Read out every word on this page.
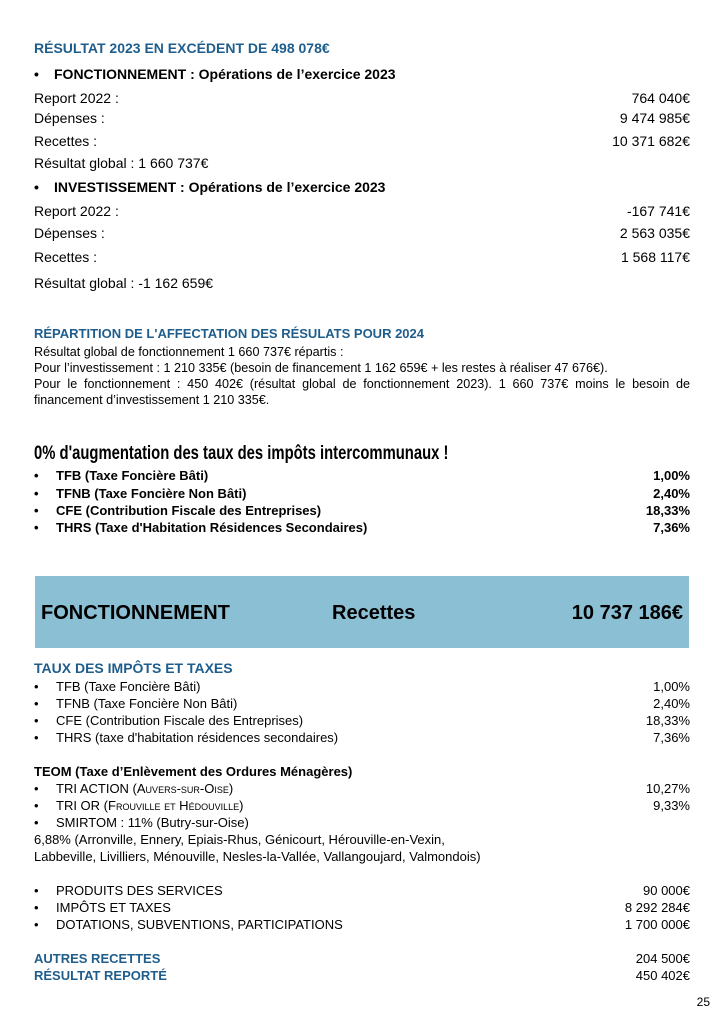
RÉSULTAT 2023 EN EXCÉDENT DE 498 078€
• FONCTIONNEMENT : Opérations de l’exercice 2023
Report 2022 :	764 040€
Dépenses :	9 474 985€
Recettes :	10 371 682€
Résultat global : 1 660 737€
• INVESTISSEMENT : Opérations de l’exercice 2023
Report 2022 :	-167 741€
Dépenses :	2 563 035€
Recettes :	1 568 117€
Résultat global : -1 162 659€
RÉPARTITION DE L'AFFECTATION DES RÉSULATS POUR 2024
Résultat global de fonctionnement 1 660 737€ répartis :
Pour l’investissement : 1 210 335€ (besoin de financement 1 162 659€ + les restes à réaliser 47 676€).
Pour le fonctionnement : 450 402€ (résultat global de fonctionnement 2023). 1 660 737€ moins le besoin de financement d’investissement 1 210 335€.
0% d'augmentation des taux des impôts intercommunaux !
•	TFB (Taxe Foncière Bâti)	1,00%
•	TFNB (Taxe Foncière Non Bâti)	2,40%
•	CFE (Contribution Fiscale des Entreprises)	18,33%
•	THRS (Taxe d'Habitation Résidences Secondaires)	7,36%
FONCTIONNEMENT	Recettes	10 737 186€
TAUX DES IMPÔTS ET TAXES
•	TFB (Taxe Foncière Bâti)	1,00%
•	TFNB (Taxe Foncière Non Bâti)	2,40%
•	CFE (Contribution Fiscale des Entreprises)	18,33%
•	THRS (taxe d'habitation résidences secondaires)	7,36%
TEOM (Taxe d’Enlèvement des Ordures Ménagères)
•	TRI ACTION (Auvers-sur-Oise)	10,27%
•	TRI OR (Frouville et Hédouville)	9,33%
•	SMIRTOM : 11% (Butry-sur-Oise)
6,88% (Arronville, Ennery, Epiais-Rhus, Génicourt, Hérouville-en-Vexin,
Labbeville, Livilliers, Ménouville, Nesles-la-Vallée, Vallangoujard, Valmondois)
•	PRODUITS DES SERVICES	90 000€
•	IMPÔTS ET TAXES	8 292 284€
•	DOTATIONS, SUBVENTIONS, PARTICIPATIONS	1 700 000€
AUTRES RECETTES	204 500€
RÉSULTAT REPORTÉ	450 402€
25
